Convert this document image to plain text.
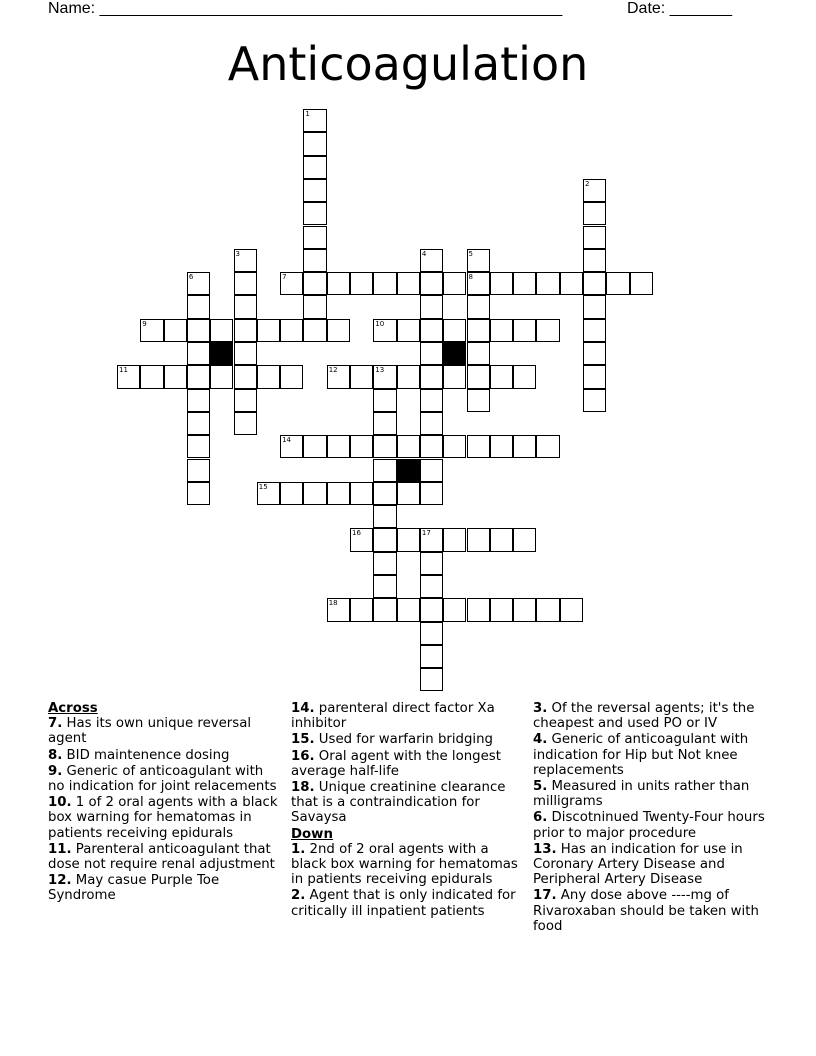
Name: ____________________________________________________	Date: _______
Anticoagulation
7	8
9	10
11	12	13
14
15
16	17
18
1
2
3	4	5
6
Across
7. Has its own unique reversal agent
8. BID maintenence dosing
9. Generic of anticoagulant with no indication for joint relacements
10. 1 of 2 oral agents with a black box warning for hematomas in patients receiving epidurals
11. Parenteral anticoagulant that dose not require renal adjustment
12. May casue Purple Toe Syndrome
14. parenteral direct factor Xa inhibitor
15. Used for warfarin bridging
16. Oral agent with the longest average half-life
18. Unique creatinine clearance that is a contraindication for Savaysa
Down
1. 2nd of 2 oral agents with a black box warning for hematomas in patients receiving epidurals
2. Agent that is only indicated for critically ill inpatient patients
3. Of the reversal agents; it's the cheapest and used PO or IV
4. Generic of anticoagulant with indication for Hip but Not knee replacements
5. Measured in units rather than milligrams
6. Discotninued Twenty-Four hours prior to major procedure
13. Has an indication for use in Coronary Artery Disease and Peripheral Artery Disease
17. Any dose above ----mg of Rivaroxaban should be taken with food
